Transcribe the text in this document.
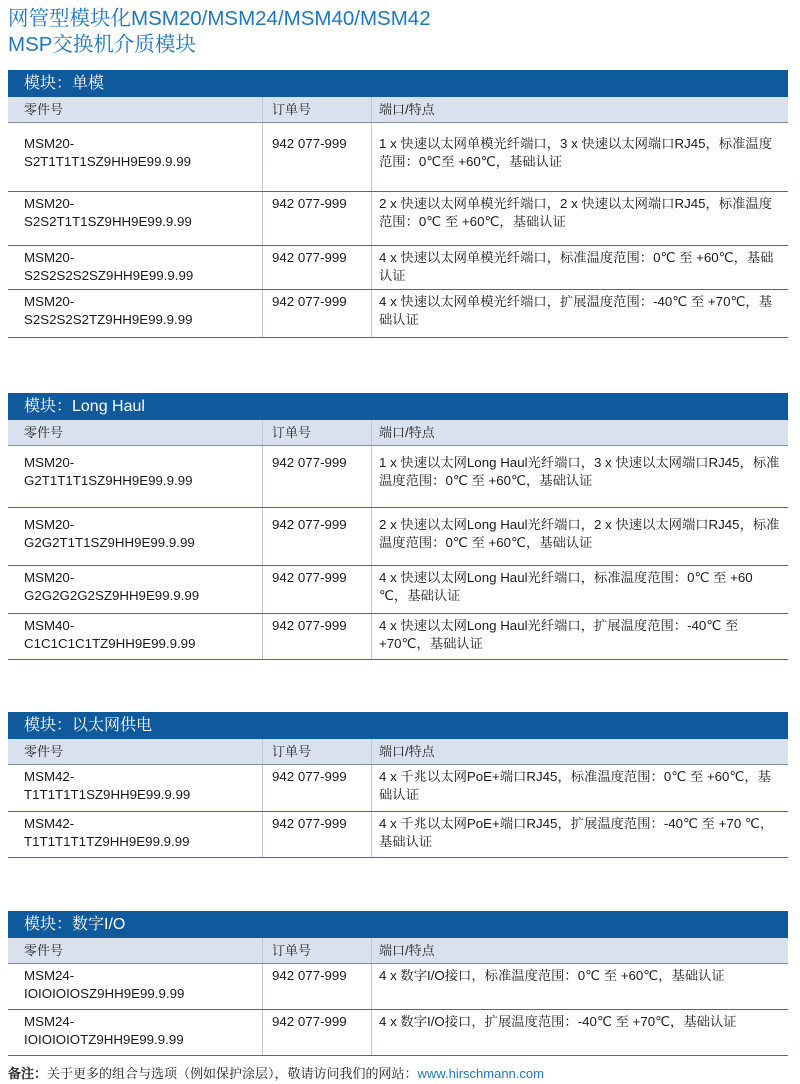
网管型模块化MSM20/MSM24/MSM40/MSM42
MSP交换机介质模块
模块：单模
零件号	订单号	端口/特点
MSM20-
S2T1T1T1SZ9HH9E99.9.99
942 077-999	1 x 快速以太网单模光纤端口，3 x 快速以太网端口RJ45，标准温度范围：0℃至 +60℃，基础认证
MSM20-
S2S2T1T1SZ9HH9E99.9.99
942 077-999	2 x 快速以太网单模光纤端口，2 x 快速以太网端口RJ45，标准温度范围：0℃ 至 +60℃，基础认证
MSM20-
S2S2S2S2SZ9HH9E99.9.99
942 077-999	4 x 快速以太网单模光纤端口，标准温度范围：0℃ 至 +60℃，基础认证
MSM20-
S2S2S2S2TZ9HH9E99.9.99
942 077-999	4 x 快速以太网单模光纤端口，扩展温度范围：-40℃ 至 +70℃，基础认证
模块：Long Haul
零件号	订单号	端口/特点
MSM20-
G2T1T1T1SZ9HH9E99.9.99
942 077-999	1 x 快速以太网Long Haul光纤端口，3 x 快速以太网端口RJ45，标准温度范围：0℃ 至 +60℃，基础认证
MSM20-
G2G2T1T1SZ9HH9E99.9.99
942 077-999	2 x 快速以太网Long Haul光纤端口，2 x 快速以太网端口RJ45，标准温度范围：0℃ 至 +60℃，基础认证
MSM20-
G2G2G2G2SZ9HH9E99.9.99
942 077-999	4 x 快速以太网Long Haul光纤端口，标准温度范围：0℃ 至 +60 ℃，基础认证
MSM40-
C1C1C1C1TZ9HH9E99.9.99
942 077-999	4 x 快速以太网Long Haul光纤端口，扩展温度范围：-40℃ 至 +70℃，基础认证
模块：以太网供电
零件号	订单号	端口/特点
MSM42-
T1T1T1T1SZ9HH9E99.9.99
942 077-999	4 x 千兆以太网PoE+端口RJ45，标准温度范围：0℃ 至 +60℃，基础认证
MSM42-
T1T1T1T1TZ9HH9E99.9.99
942 077-999	4 x 千兆以太网PoE+端口RJ45，扩展温度范围：-40℃ 至 +70 ℃，基础认证
模块：数字I/O
零件号	订单号	端口/特点
MSM24-
IOIOIOIOSZ9HH9E99.9.99
942 077-999	4 x 数字I/O接口，标准温度范围：0℃ 至 +60℃，基础认证
MSM24-
IOIOIOIOTZ9HH9E99.9.99
942 077-999	4 x 数字I/O接口，扩展温度范围：-40℃ 至 +70℃，基础认证
备注：关于更多的组合与选项（例如保护涂层），敬请访问我们的网站：www.hirschmann.com
